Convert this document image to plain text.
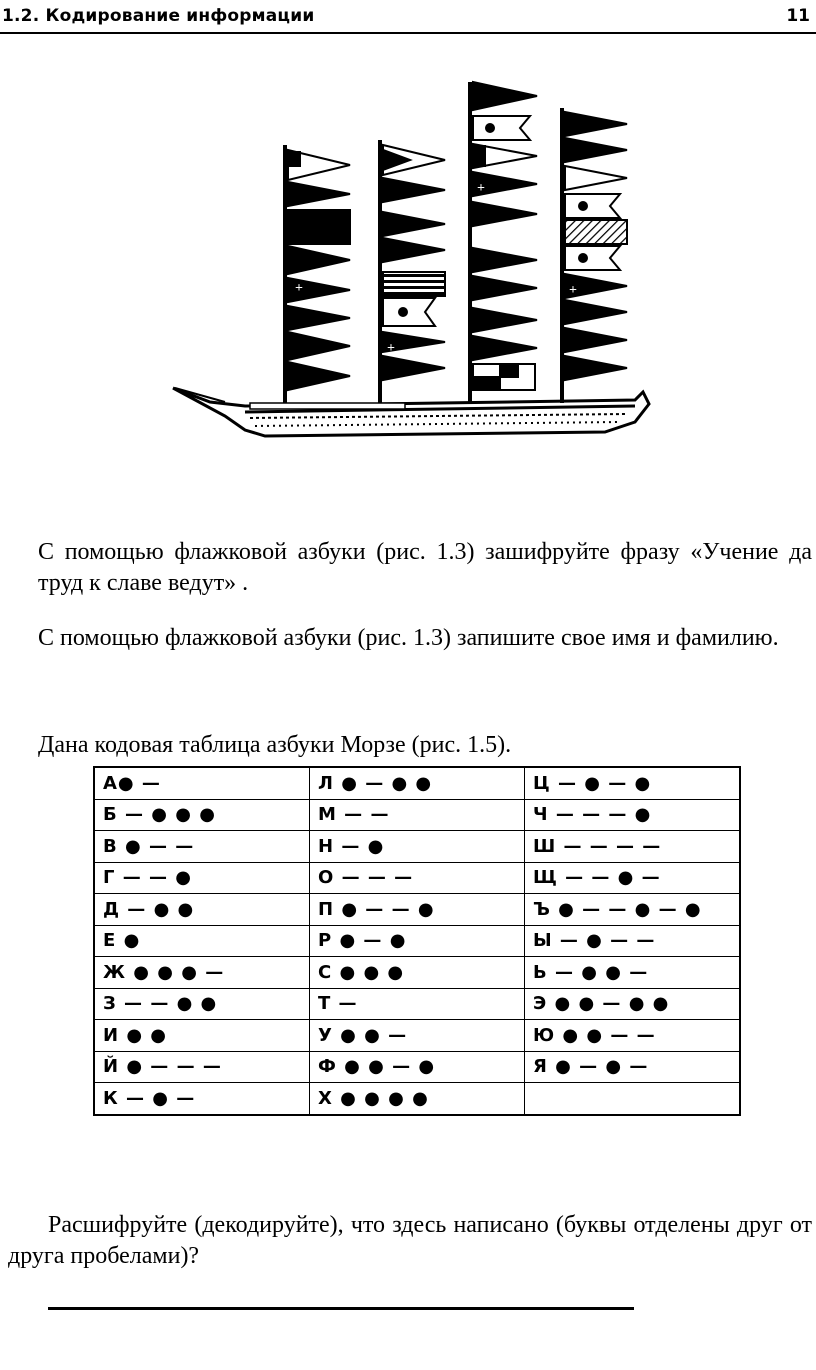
1.2. Кодирование информации	11
+
+
+
+
С помощью флажковой азбуки (рис. 1.3) зашифруйте фразу «Учение да труд к славе ведут» .
С помощью флажковой азбуки (рис. 1.3) запишите свое имя и фамилию.
Дана кодовая таблица азбуки Морзе (рис. 1.5).
А● —	Л ● — ● ●	Ц — ● — ●
Б — ● ● ●	М — —	Ч — — — ●
В ● — —	Н — ●	Ш — — — —
Г — — ●	О — — —	Щ — — ● —
Д — ● ●	П ● — — ●	Ъ ● — — ● — ●
Е ●	Р ● — ●	Ы — ● — —
Ж ● ● ● —	С ● ● ●	Ь — ● ● —
З — — ● ●	Т —	Э ● ● — ● ●
И ● ●	У ● ● —	Ю ● ● — —
Й ● — — —	Ф ● ● — ●	Я ● — ● —
К — ● —	Х ● ● ● ●	
Расшифруйте (декодируйте), что здесь написано (буквы отделены друг от друга пробелами)?
